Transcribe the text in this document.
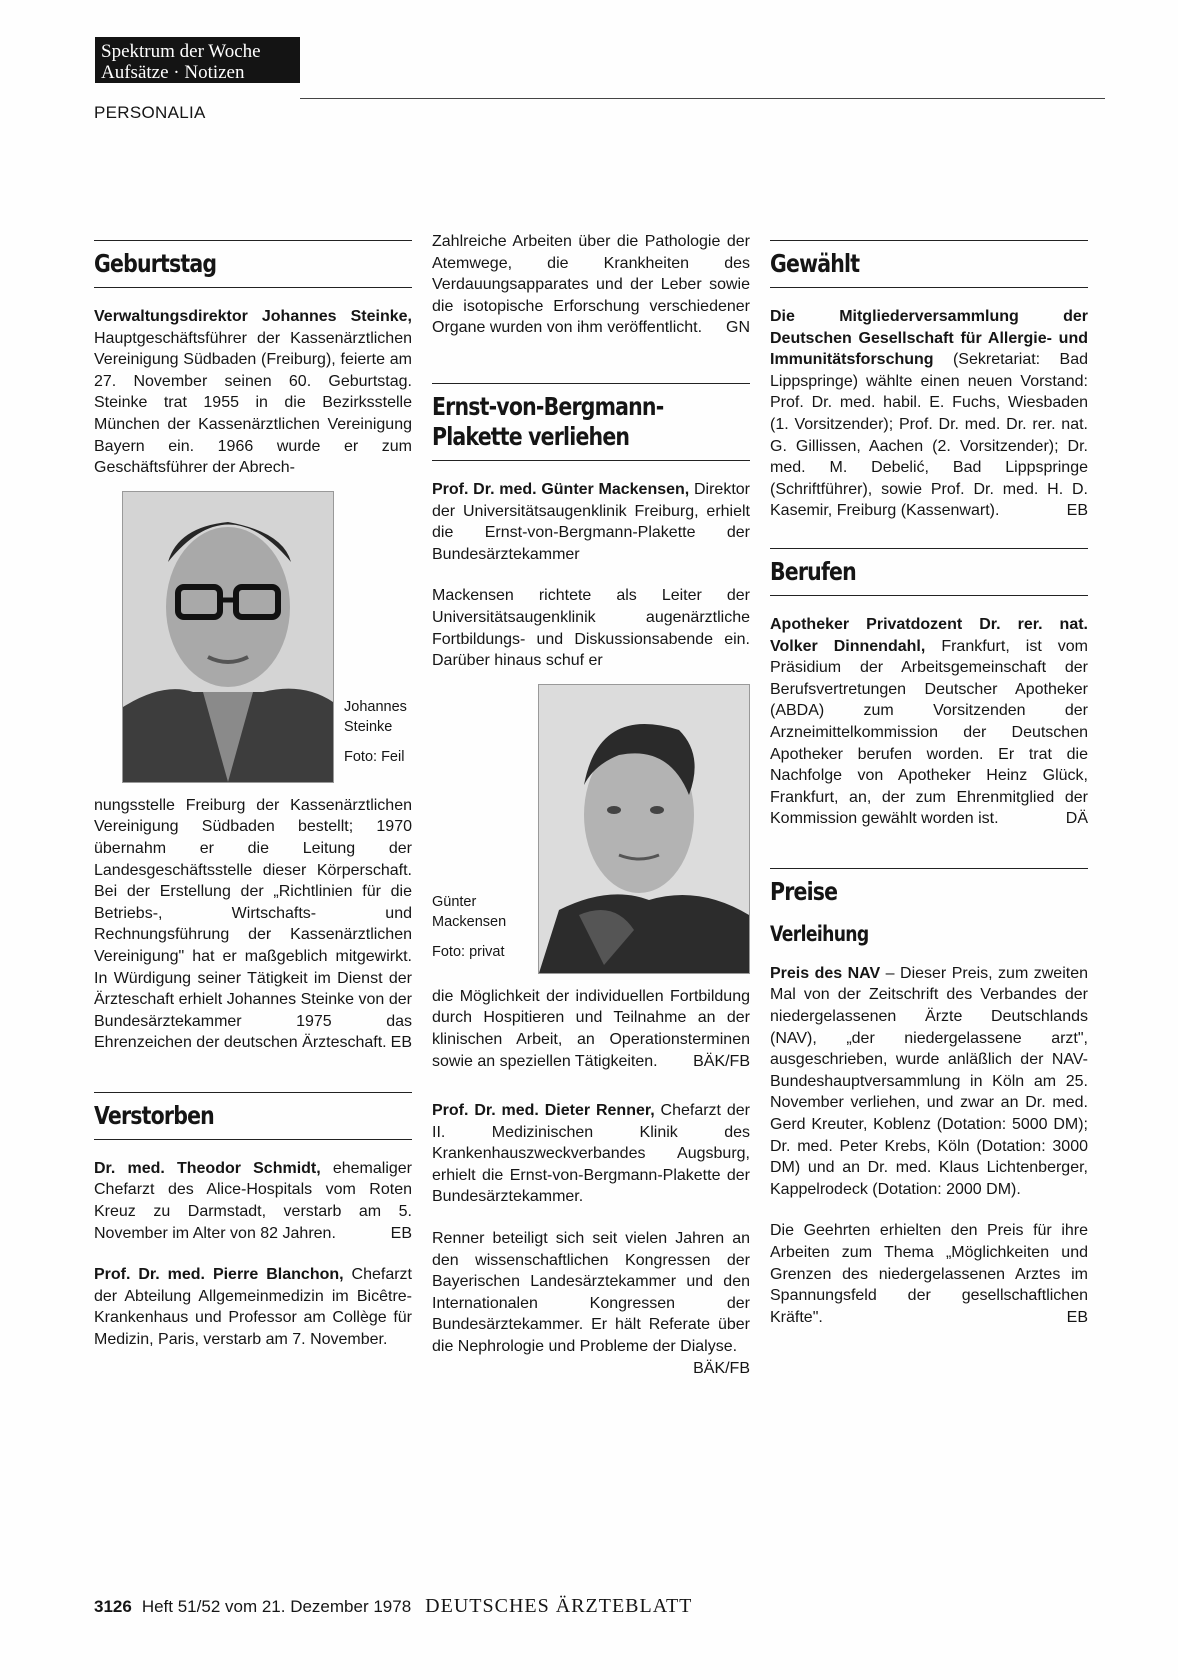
Spektrum der Woche
Aufsätze · Notizen
PERSONALIA
Geburtstag

Verwaltungsdirektor Johannes Steinke, Hauptgeschäftsführer der Kassenärztlichen Vereinigung Südbaden (Freiburg), feierte am 27. November seinen 60. Geburtstag. Steinke trat 1955 in die Bezirksstelle München der Kassenärztlichen Vereinigung Bayern ein. 1966 wurde er zum Geschäftsführer der Abrech-

Johannes
Steinke
Foto: Feil

nungsstelle Freiburg der Kassenärztlichen Vereinigung Südbaden bestellt; 1970 übernahm er die Leitung der Landesgeschäftsstelle dieser Körperschaft. Bei der Erstellung der „Richtlinien für die Betriebs-, Wirtschafts- und Rechnungsführung der Kassenärztlichen Vereinigung" hat er maßgeblich mitgewirkt. In Würdigung seiner Tätigkeit im Dienst der Ärzteschaft erhielt Johannes Steinke von der Bundesärztekammer 1975 das Ehrenzeichen der deutschen Ärzteschaft. EB

Verstorben

Dr. med. Theodor Schmidt, ehemaliger Chefarzt des Alice-Hospitals vom Roten Kreuz zu Darmstadt, verstarb am 5. November im Alter von 82 Jahren.	EB

Prof. Dr. med. Pierre Blanchon, Chefarzt der Abteilung Allgemeinmedizin im Bicêtre-Krankenhaus und Professor am Collège für Medizin, Paris, verstarb am 7. November.

Zahlreiche Arbeiten über die Pathologie der Atemwege, die Krankheiten des Verdauungsapparates und der Leber sowie die isotopische Erforschung verschiedener Organe wurden von ihm veröffentlicht. GN

Ernst-von-Bergmann-
Plakette verliehen

Prof. Dr. med. Günter Mackensen, Direktor der Universitätsaugenklinik Freiburg, erhielt die Ernst-von-Bergmann-Plakette der Bundesärztekammer

Mackensen richtete als Leiter der Universitätsaugenklinik augenärztliche Fortbildungs- und Diskussionsabende ein. Darüber hinaus schuf er

Günter
Mackensen
Foto: privat

die Möglichkeit der individuellen Fortbildung durch Hospitieren und Teilnahme an der klinischen Arbeit, an Operationsterminen sowie an speziellen Tätigkeiten. BÄK/FB

Prof. Dr. med. Dieter Renner, Chefarzt der II. Medizinischen Klinik des Krankenhauszweckverbandes Augsburg, erhielt die Ernst-von-Bergmann-Plakette der Bundesärztekammer.

Renner beteiligt sich seit vielen Jahren an den wissenschaftlichen Kongressen der Bayerischen Landesärztekammer und den Internationalen Kongressen der Bundesärztekammer. Er hält Referate über die Nephrologie und Probleme der Dialyse.
BÄK/FB

Gewählt

Die Mitgliederversammlung der Deutschen Gesellschaft für Allergie- und Immunitätsforschung (Sekretariat: Bad Lippspringe) wählte einen neuen Vorstand: Prof. Dr. med. habil. E. Fuchs, Wiesbaden (1. Vorsitzender); Prof. Dr. med. Dr. rer. nat. G. Gillissen, Aachen (2. Vorsitzender); Dr. med. M. Debelić, Bad Lippspringe (Schriftführer), sowie Prof. Dr. med. H. D. Kasemir, Freiburg (Kassenwart).	EB

Berufen

Apotheker Privatdozent Dr. rer. nat. Volker Dinnendahl, Frankfurt, ist vom Präsidium der Arbeitsgemeinschaft der Berufsvertretungen Deutscher Apotheker (ABDA) zum Vorsitzenden der Arzneimittelkommission der Deutschen Apotheker berufen worden. Er trat die Nachfolge von Apotheker Heinz Glück, Frankfurt, an, der zum Ehrenmitglied der Kommission gewählt worden ist.	DÄ

Preise
Verleihung

Preis des NAV – Dieser Preis, zum zweiten Mal von der Zeitschrift des Verbandes der niedergelassenen Ärzte Deutschlands (NAV), „der niedergelassene arzt", ausgeschrieben, wurde anläßlich der NAV-Bundeshauptversammlung in Köln am 25. November verliehen, und zwar an Dr. med. Gerd Kreuter, Koblenz (Dotation: 5000 DM); Dr. med. Peter Krebs, Köln (Dotation: 3000 DM) und an Dr. med. Klaus Lichtenberger, Kappelrodeck (Dotation: 2000 DM).

Die Geehrten erhielten den Preis für ihre Arbeiten zum Thema „Möglichkeiten und Grenzen des niedergelassenen Arztes im Spannungsfeld der gesellschaftlichen Kräfte".	EB

3126 Heft 51/52 vom 21. Dezember 1978 DEUTSCHES ÄRZTEBLATT
